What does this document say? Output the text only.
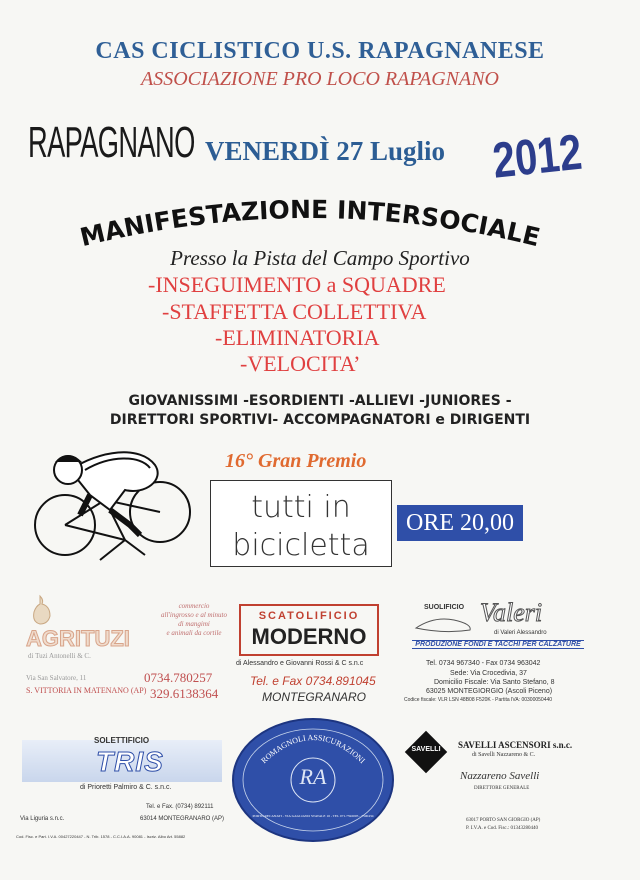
CAS CICLISTICO U.S. RAPAGNANESE
ASSOCIAZIONE PRO LOCO RAPAGNANO
RAPAGNANO VENERDÌ 27 Luglio 2012
MANIFESTAZIONE INTERSOCIALE
Presso la Pista del Campo Sportivo
-INSEGUIMENTO a SQUADRE
-STAFFETTA COLLETTIVA
-ELIMINATORIA
-VELOCITA’
GIOVANISSIMI -ESORDIENTI -ALLIEVI -JUNIORES -
DIRETTORI SPORTIVI- ACCOMPAGNATORI e DIRIGENTI
16° Gran Premio
tutti in
bicicletta
ORE 20,00
AGRITUZI
di Tuzi Antonelli & C.
commercio
all'ingrosso e al minuto
di mangimi
e animali da cortile
Via San Salvatore, 11
S. VITTORIA IN MATENANO (AP)
0734.780257
329.6138364
SCATOLIFICIO
MODERNO
di Alessandro e Giovanni Rossi & C s.n.c
Tel. e Fax 0734.891045
MONTEGRANARO
SUOLIFICIO Valeri
di Valeri Alessandro
PRODUZIONE FONDI E TACCHI PER CALZATURE
Tel. 0734 967340 - Fax 0734 963042
Sede: Via Crocedivia, 37
Domicilio Fiscale: Via Santo Stefano, 8
63025 MONTEGIORGIO (Ascoli Piceno)
Codice fiscale: VLR LSN 48B08 F520K - Partita IVA: 00300050440
SOLETTIFICIO
TRIS
di Prioretti Palmiro & C. s.n.c.
Tel. e Fax. (0734) 892111
Via Liguria s.n.c.	63014 MONTEGRANARO (AP)
Cod. Fisc. e Part. I.V.A. 00427220447 - N. Trib. 1578 - C.C.I.A.A. 90081 - Iscriz. Albo Art. 55882
ROMAGNOLI ASSICURAZIONI
RA
PORTO RECANATI - VIA GAGLIANO STATALE 16 - TEL 071.7592005 - 7590434
SAVELLI	SAVELLI ASCENSORI s.n.c.
di Savelli Nazzareno & C.
Nazzareno Savelli
DIRETTORE GENERALE
63017 PORTO SAN GIORGIO (AP)
P. I.V.A. e Cod. Fisc.: 01343280440
